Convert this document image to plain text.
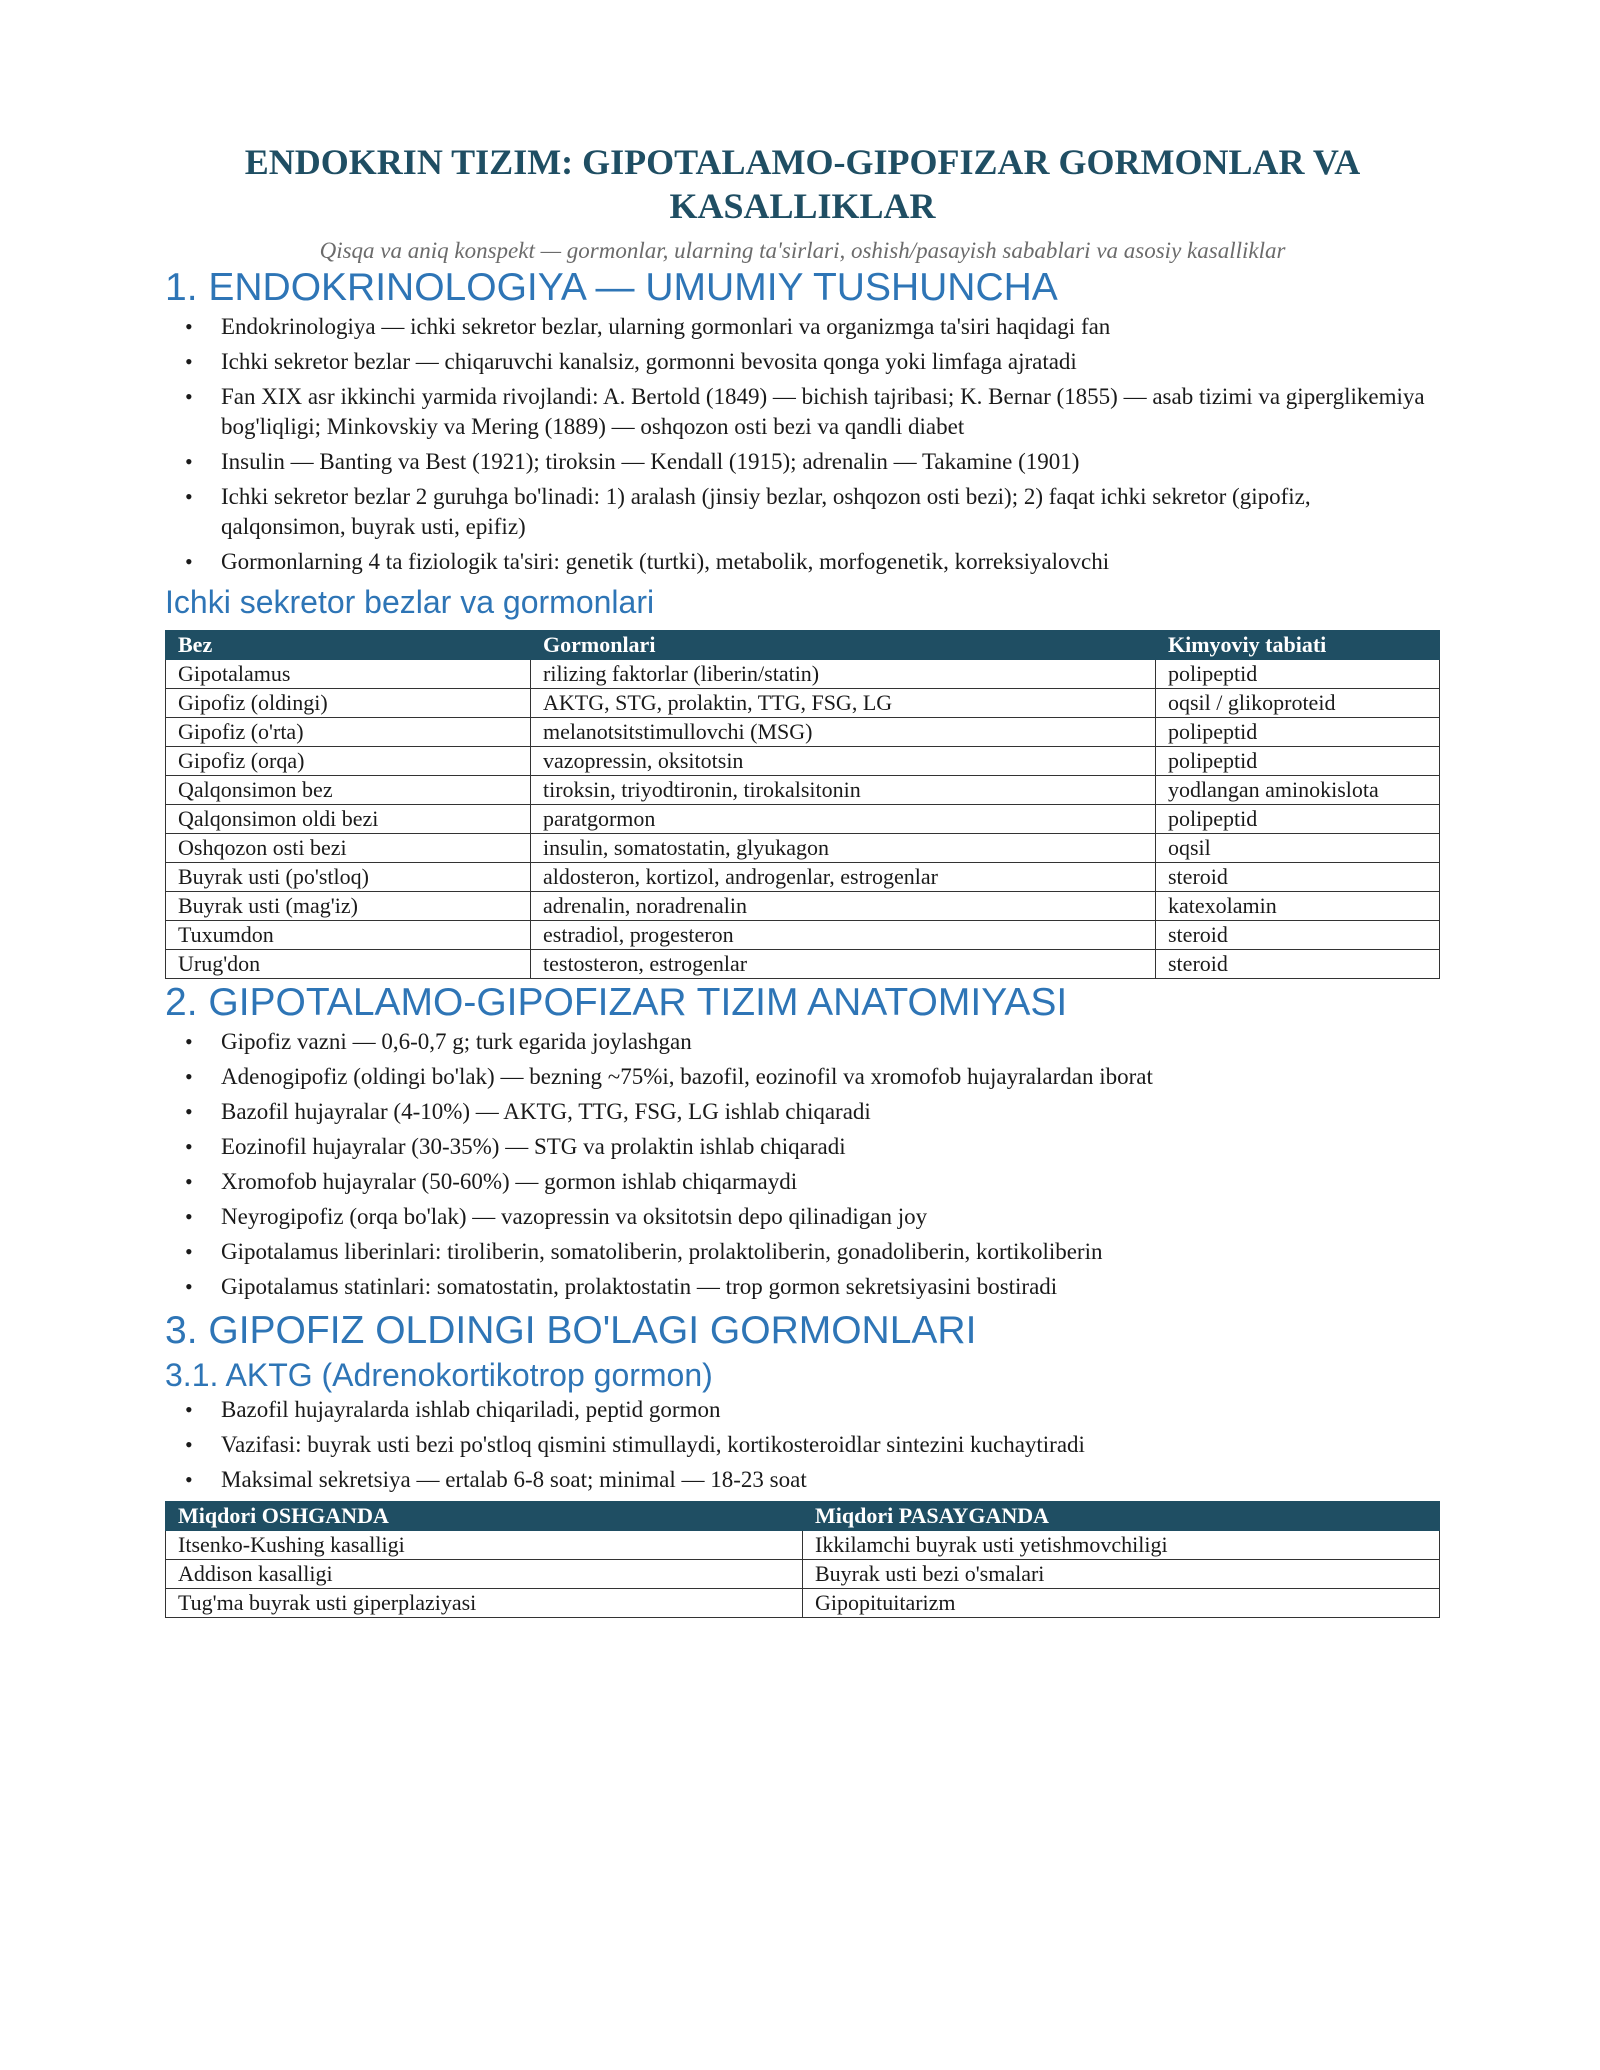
ENDOKRIN TIZIM: GIPOTALAMO-GIPOFIZAR GORMONLAR VA KASALLIKLAR

Qisqa va aniq konspekt — gormonlar, ularning ta'sirlari, oshish/pasayish sabablari va asosiy kasalliklar

1. ENDOKRINOLOGIYA — UMUMIY TUSHUNCHA
• Endokrinologiya — ichki sekretor bezlar, ularning gormonlari va organizmga ta'siri haqidagi fan
• Ichki sekretor bezlar — chiqaruvchi kanalsiz, gormonni bevosita qonga yoki limfaga ajratadi
• Fan XIX asr ikkinchi yarmida rivojlandi: A. Bertold (1849) — bichish tajribasi; K. Bernar (1855) — asab tizimi va giperglikemiya bog'liqligi; Minkovskiy va Mering (1889) — oshqozon osti bezi va qandli diabet
• Insulin — Banting va Best (1921); tiroksin — Kendall (1915); adrenalin — Takamine (1901)
• Ichki sekretor bezlar 2 guruhga bo'linadi: 1) aralash (jinsiy bezlar, oshqozon osti bezi); 2) faqat ichki sekretor (gipofiz, qalqonsimon, buyrak usti, epifiz)
• Gormonlarning 4 ta fiziologik ta'siri: genetik (turtki), metabolik, morfogenetik, korreksiyalovchi
Ichki sekretor bezlar va gormonlari
Bez	Gormonlari	Kimyoviy tabiati
Gipotalamus	rilizing faktorlar (liberin/statin)	polipeptid
Gipofiz (oldingi)	AKTG, STG, prolaktin, TTG, FSG, LG	oqsil / glikoproteid
Gipofiz (o'rta)	melanotsitstimullovchi (MSG)	polipeptid
Gipofiz (orqa)	vazopressin, oksitotsin	polipeptid
Qalqonsimon bez	tiroksin, triyodtironin, tirokalsitonin	yodlangan aminokislota
Qalqonsimon oldi bezi	paratgormon	polipeptid
Oshqozon osti bezi	insulin, somatostatin, glyukagon	oqsil
Buyrak usti (po'stloq)	aldosteron, kortizol, androgenlar, estrogenlar	steroid
Buyrak usti (mag'iz)	adrenalin, noradrenalin	katexolamin
Tuxumdon	estradiol, progesteron	steroid
Urug'don	testosteron, estrogenlar	steroid
2. GIPOTALAMO-GIPOFIZAR TIZIM ANATOMIYASI
• Gipofiz vazni — 0,6-0,7 g; turk egarida joylashgan
• Adenogipofiz (oldingi bo'lak) — bezning ~75%i, bazofil, eozinofil va xromofob hujayralardan iborat
• Bazofil hujayralar (4-10%) — AKTG, TTG, FSG, LG ishlab chiqaradi
• Eozinofil hujayralar (30-35%) — STG va prolaktin ishlab chiqaradi
• Xromofob hujayralar (50-60%) — gormon ishlab chiqarmaydi
• Neyrogipofiz (orqa bo'lak) — vazopressin va oksitotsin depo qilinadigan joy
• Gipotalamus liberinlari: tiroliberin, somatoliberin, prolaktoliberin, gonadoliberin, kortikoliberin
• Gipotalamus statinlari: somatostatin, prolaktostatin — trop gormon sekretsiyasini bostiradi
3. GIPOFIZ OLDINGI BO'LAGI GORMONLARI
3.1. AKTG (Adrenokortikotrop gormon)
• Bazofil hujayralarda ishlab chiqariladi, peptid gormon
• Vazifasi: buyrak usti bezi po'stloq qismini stimullaydi, kortikosteroidlar sintezini kuchaytiradi
• Maksimal sekretsiya — ertalab 6-8 soat; minimal — 18-23 soat
Miqdori OSHGANDA	Miqdori PASAYGANDA
Itsenko-Kushing kasalligi	Ikkilamchi buyrak usti yetishmovchiligi
Addison kasalligi	Buyrak usti bezi o'smalari
Tug'ma buyrak usti giperplaziyasi	Gipopituitarizm
